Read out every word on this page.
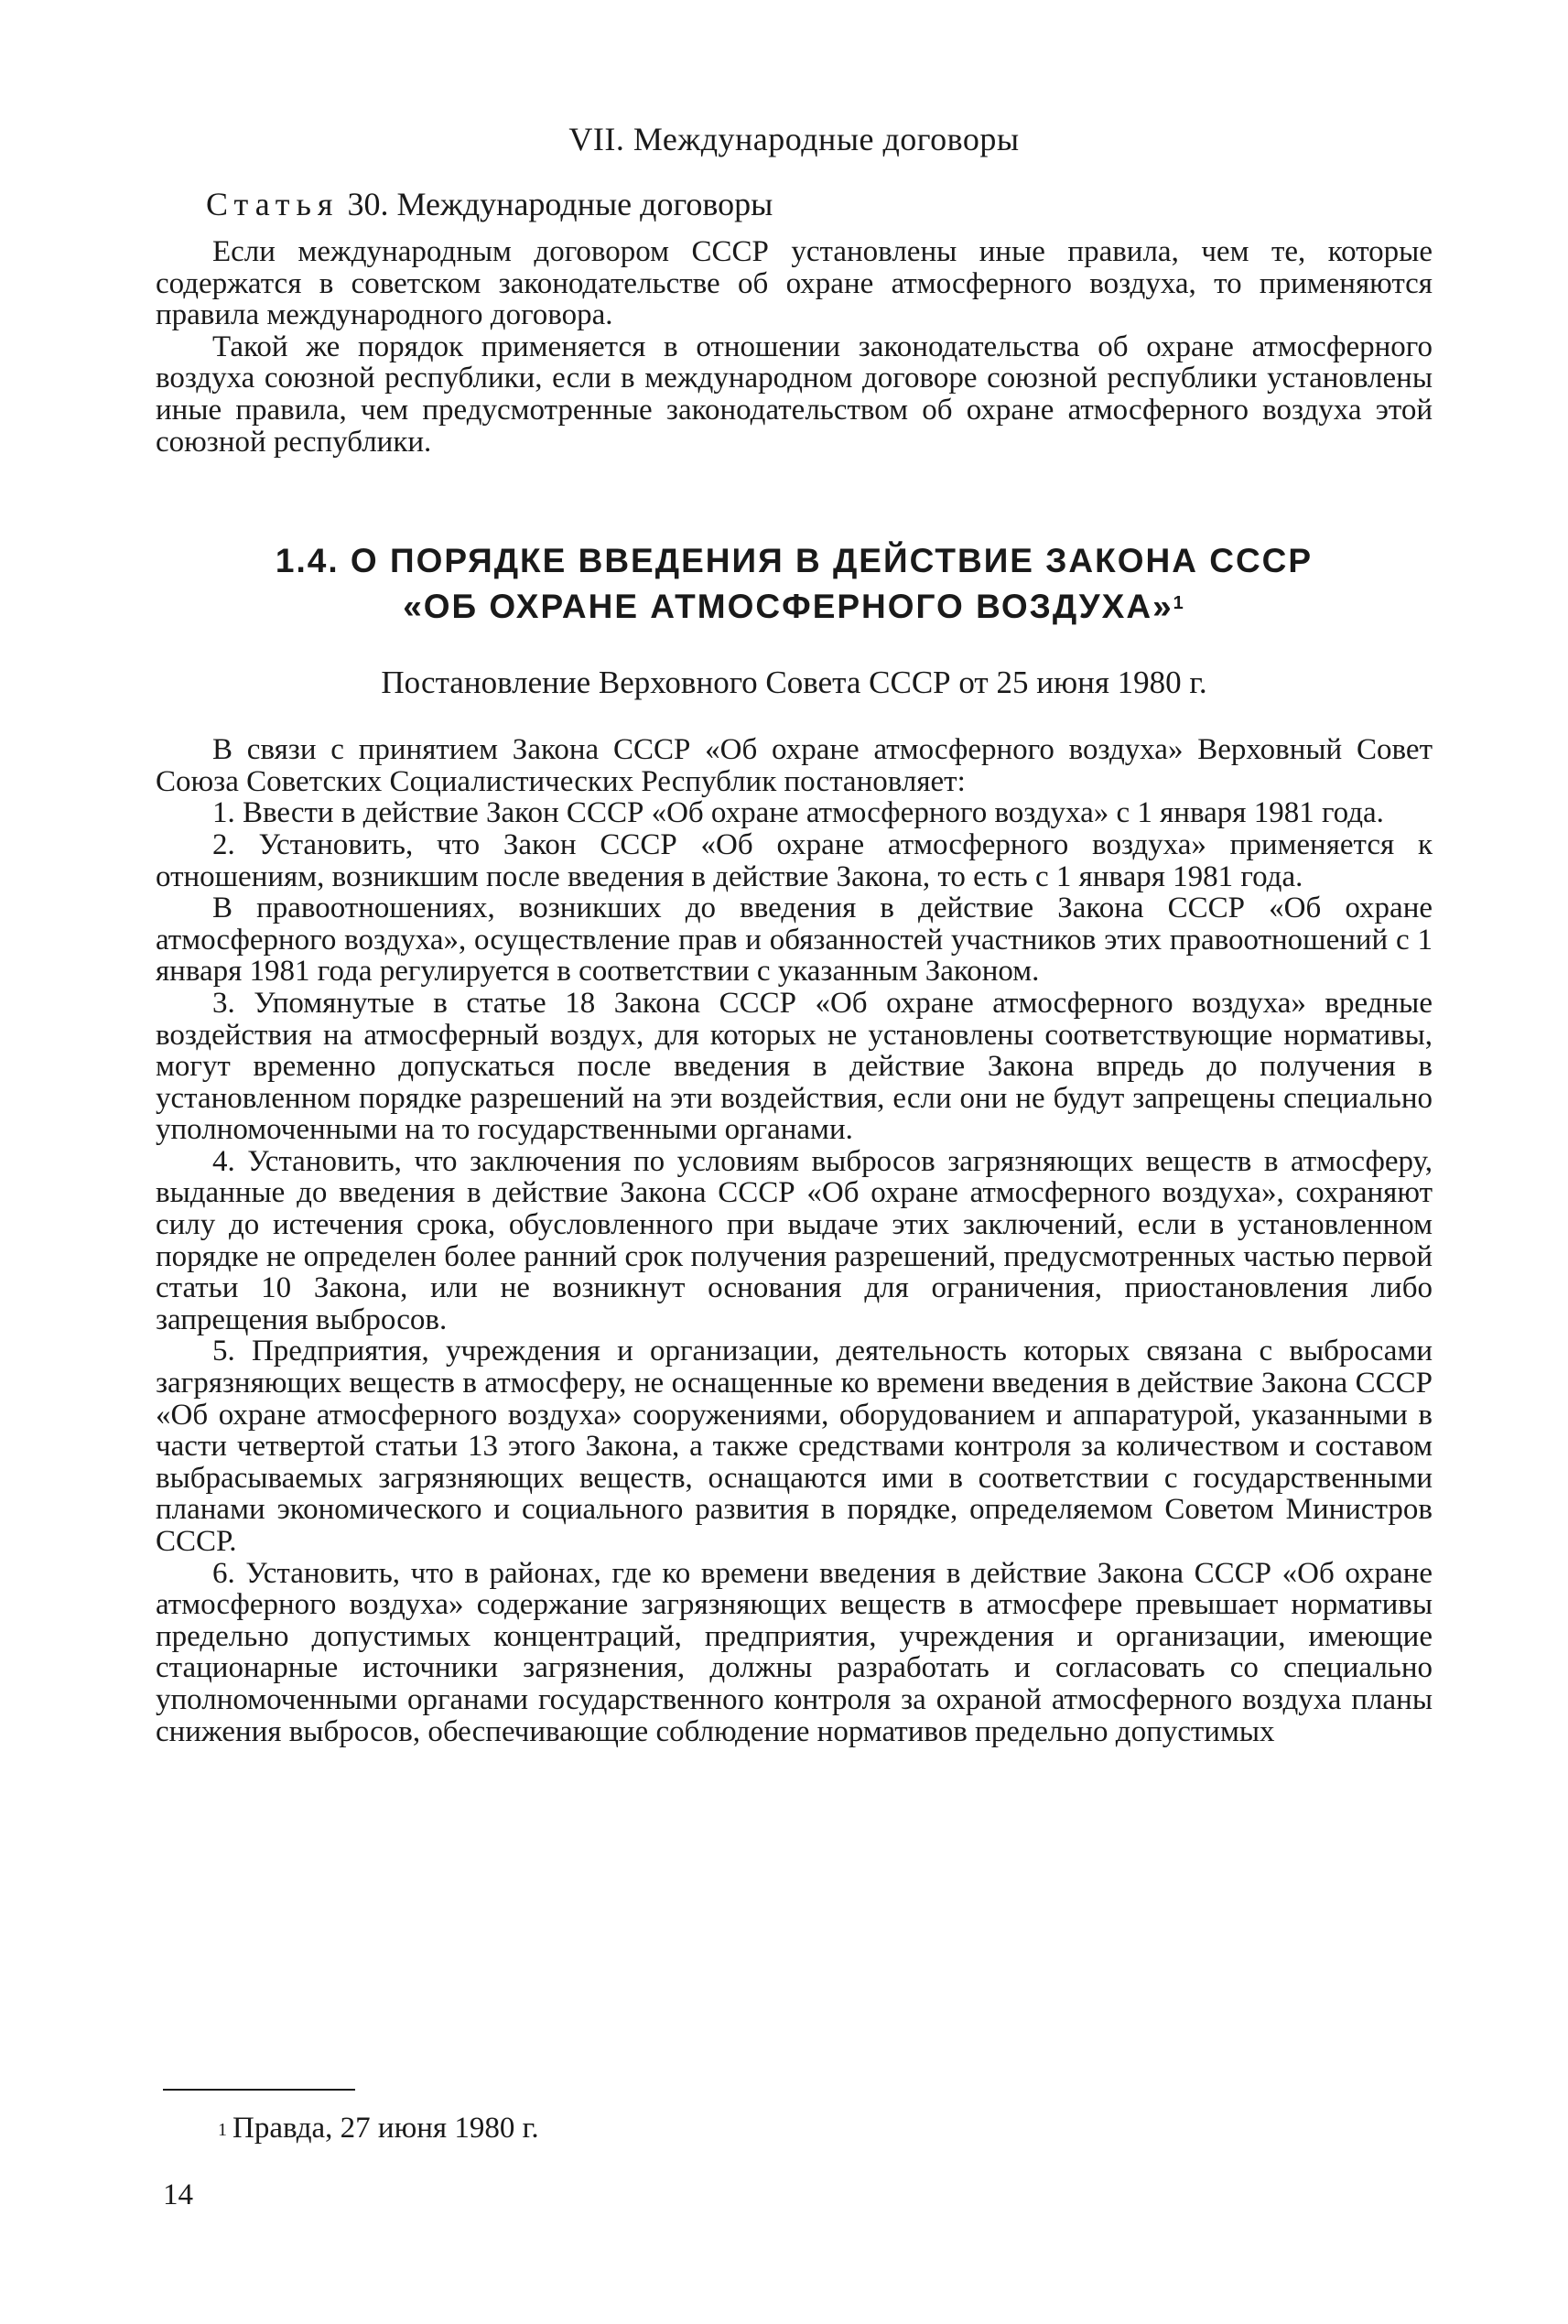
VII. Международные договоры
Статья 30. Международные договоры

Если международным договором СССР установлены иные правила, чем те, которые содержатся в советском законодательстве об охране атмосферного воздуха, то применяются правила международного договора.

Такой же порядок применяется в отношении законодательства об охране атмосферного воздуха союзной республики, если в международном договоре союзной республики установлены иные правила, чем предусмотренные законодательством об охране атмосферного воздуха этой союзной республики.

1.4. О ПОРЯДКЕ ВВЕДЕНИЯ В ДЕЙСТВИЕ ЗАКОНА СССР
«ОБ ОХРАНЕ АТМОСФЕРНОГО ВОЗДУХА»$^1$
Постановление Верховного Совета СССР от 25 июня 1980 г.

В связи с принятием Закона СССР «Об охране атмосферного воздуха» Верховный Совет Союза Советских Социалистических Республик постановляет:

1. Ввести в действие Закон СССР «Об охране атмосферного воздуха» с 1 января 1981 года.

2. Установить, что Закон СССР «Об охране атмосферного воздуха» применяется к отношениям, возникшим после введения в действие Закона, то есть с 1 января 1981 года.

В правоотношениях, возникших до введения в действие Закона СССР «Об охране атмосферного воздуха», осуществление прав и обязанностей участников этих правоотношений с 1 января 1981 года регулируется в соответствии с указанным Законом.

3. Упомянутые в статье 18 Закона СССР «Об охране атмосферного воздуха» вредные воздействия на атмосферный воздух, для которых не установлены соответствующие нормативы, могут временно допускаться после введения в действие Закона впредь до получения в установленном порядке разрешений на эти воздействия, если они не будут запрещены специально уполномоченными на то государственными органами.

4. Установить, что заключения по условиям выбросов загрязняющих веществ в атмосферу, выданные до введения в действие Закона СССР «Об охране атмосферного воздуха», сохраняют силу до истечения срока, обусловленного при выдаче этих заключений, если в установленном порядке не определен более ранний срок получения разрешений, предусмотренных частью первой статьи 10 Закона, или не возникнут основания для ограничения, приостановления либо запрещения выбросов.

5. Предприятия, учреждения и организации, деятельность которых связана с выбросами загрязняющих веществ в атмосферу, не оснащенные ко времени введения в действие Закона СССР «Об охране атмосферного воздуха» сооружениями, оборудованием и аппаратурой, указанными в части четвертой статьи 13 этого Закона, а также средствами контроля за количеством и составом выбрасываемых загрязняющих веществ, оснащаются ими в соответствии с государственными планами экономического и социального развития в порядке, определяемом Советом Министров СССР.

6. Установить, что в районах, где ко времени введения в действие Закона СССР «Об охране атмосферного воздуха» содержание загрязняющих веществ в атмосфере превышает нормативы предельно допустимых концентраций, предприятия, учреждения и организации, имеющие стационарные источники загрязнения, должны разработать и согласовать со специально уполномоченными органами государственного контроля за охраной атмосферного воздуха планы снижения выбросов, обеспечивающие соблюдение нормативов предельно допустимых

$^1$ Правда, 27 июня 1980 г.
14
